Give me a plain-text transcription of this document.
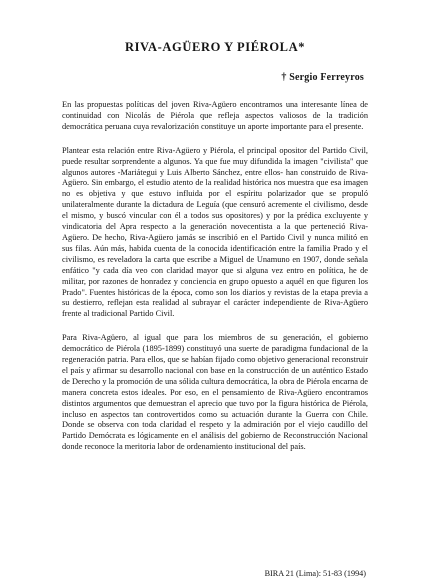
RIVA-AGÜERO Y PIÉROLA*
† Sergio Ferreyros

En las propuestas políticas del joven Riva-Agüero encontramos una interesante línea de continuidad con Nicolás de Piérola que refleja aspectos valiosos de la tradición democrática peruana cuya revalorización constituye un aporte importante para el presente.

Plantear esta relación entre Riva-Agüero y Piérola, el principal opositor del Partido Civil, puede resultar sorprendente a algunos. Ya que fue muy difundida la imagen "civilista" que algunos autores -Mariátegui y Luis Alberto Sánchez, entre ellos- han construido de Riva-Agüero. Sin embargo, el estudio atento de la realidad histórica nos muestra que esa imagen no es objetiva y que estuvo influida por el espíritu polarizador que se propuló unilateralmente durante la dictadura de Leguía (que censuró acremente el civilismo, desde el mismo, y buscó vincular con él a todos sus opositores) y por la prédica excluyente y vindicatoria del Apra respecto a la generación novecentista a la que perteneció Riva-Agüero. De hecho, Riva-Agüero jamás se inscribió en el Partido Civil y nunca militó en sus filas. Aún más, habida cuenta de la conocida identificación entre la familia Prado y el civilismo, es reveladora la carta que escribe a Miguel de Unamuno en 1907, donde señala enfático "y cada día veo con claridad mayor que si alguna vez entro en política, he de militar, por razones de honradez y conciencia en grupo opuesto a aquél en que figuren los Prado". Fuentes históricas de la época, como son los diarios y revistas de la etapa previa a su destierro, reflejan esta realidad al subrayar el carácter independiente de Riva-Agüero frente al tradicional Partido Civil.

Para Riva-Agüero, al igual que para los miembros de su generación, el gobierno democrático de Piérola (1895-1899) constituyó una suerte de paradigma fundacional de la regeneración patria. Para ellos, que se habían fijado como objetivo generacional reconstruir el país y afirmar su desarrollo nacional con base en la construcción de un auténtico Estado de Derecho y la promoción de una sólida cultura democrática, la obra de Piérola encarna de manera concreta estos ideales. Por eso, en el pensamiento de Riva-Agüero encontramos distintos argumentos que demuestran el aprecio que tuvo por la figura histórica de Piérola, incluso en aspectos tan controvertidos como su actuación durante la Guerra con Chile. Donde se observa con toda claridad el respeto y la admiración por el viejo caudillo del Partido Demócrata es lógicamente en el análisis del gobierno de Reconstrucción Nacional donde reconoce la meritoria labor de ordenamiento institucional del país.

BIRA 21 (Lima): 51-83 (1994)
